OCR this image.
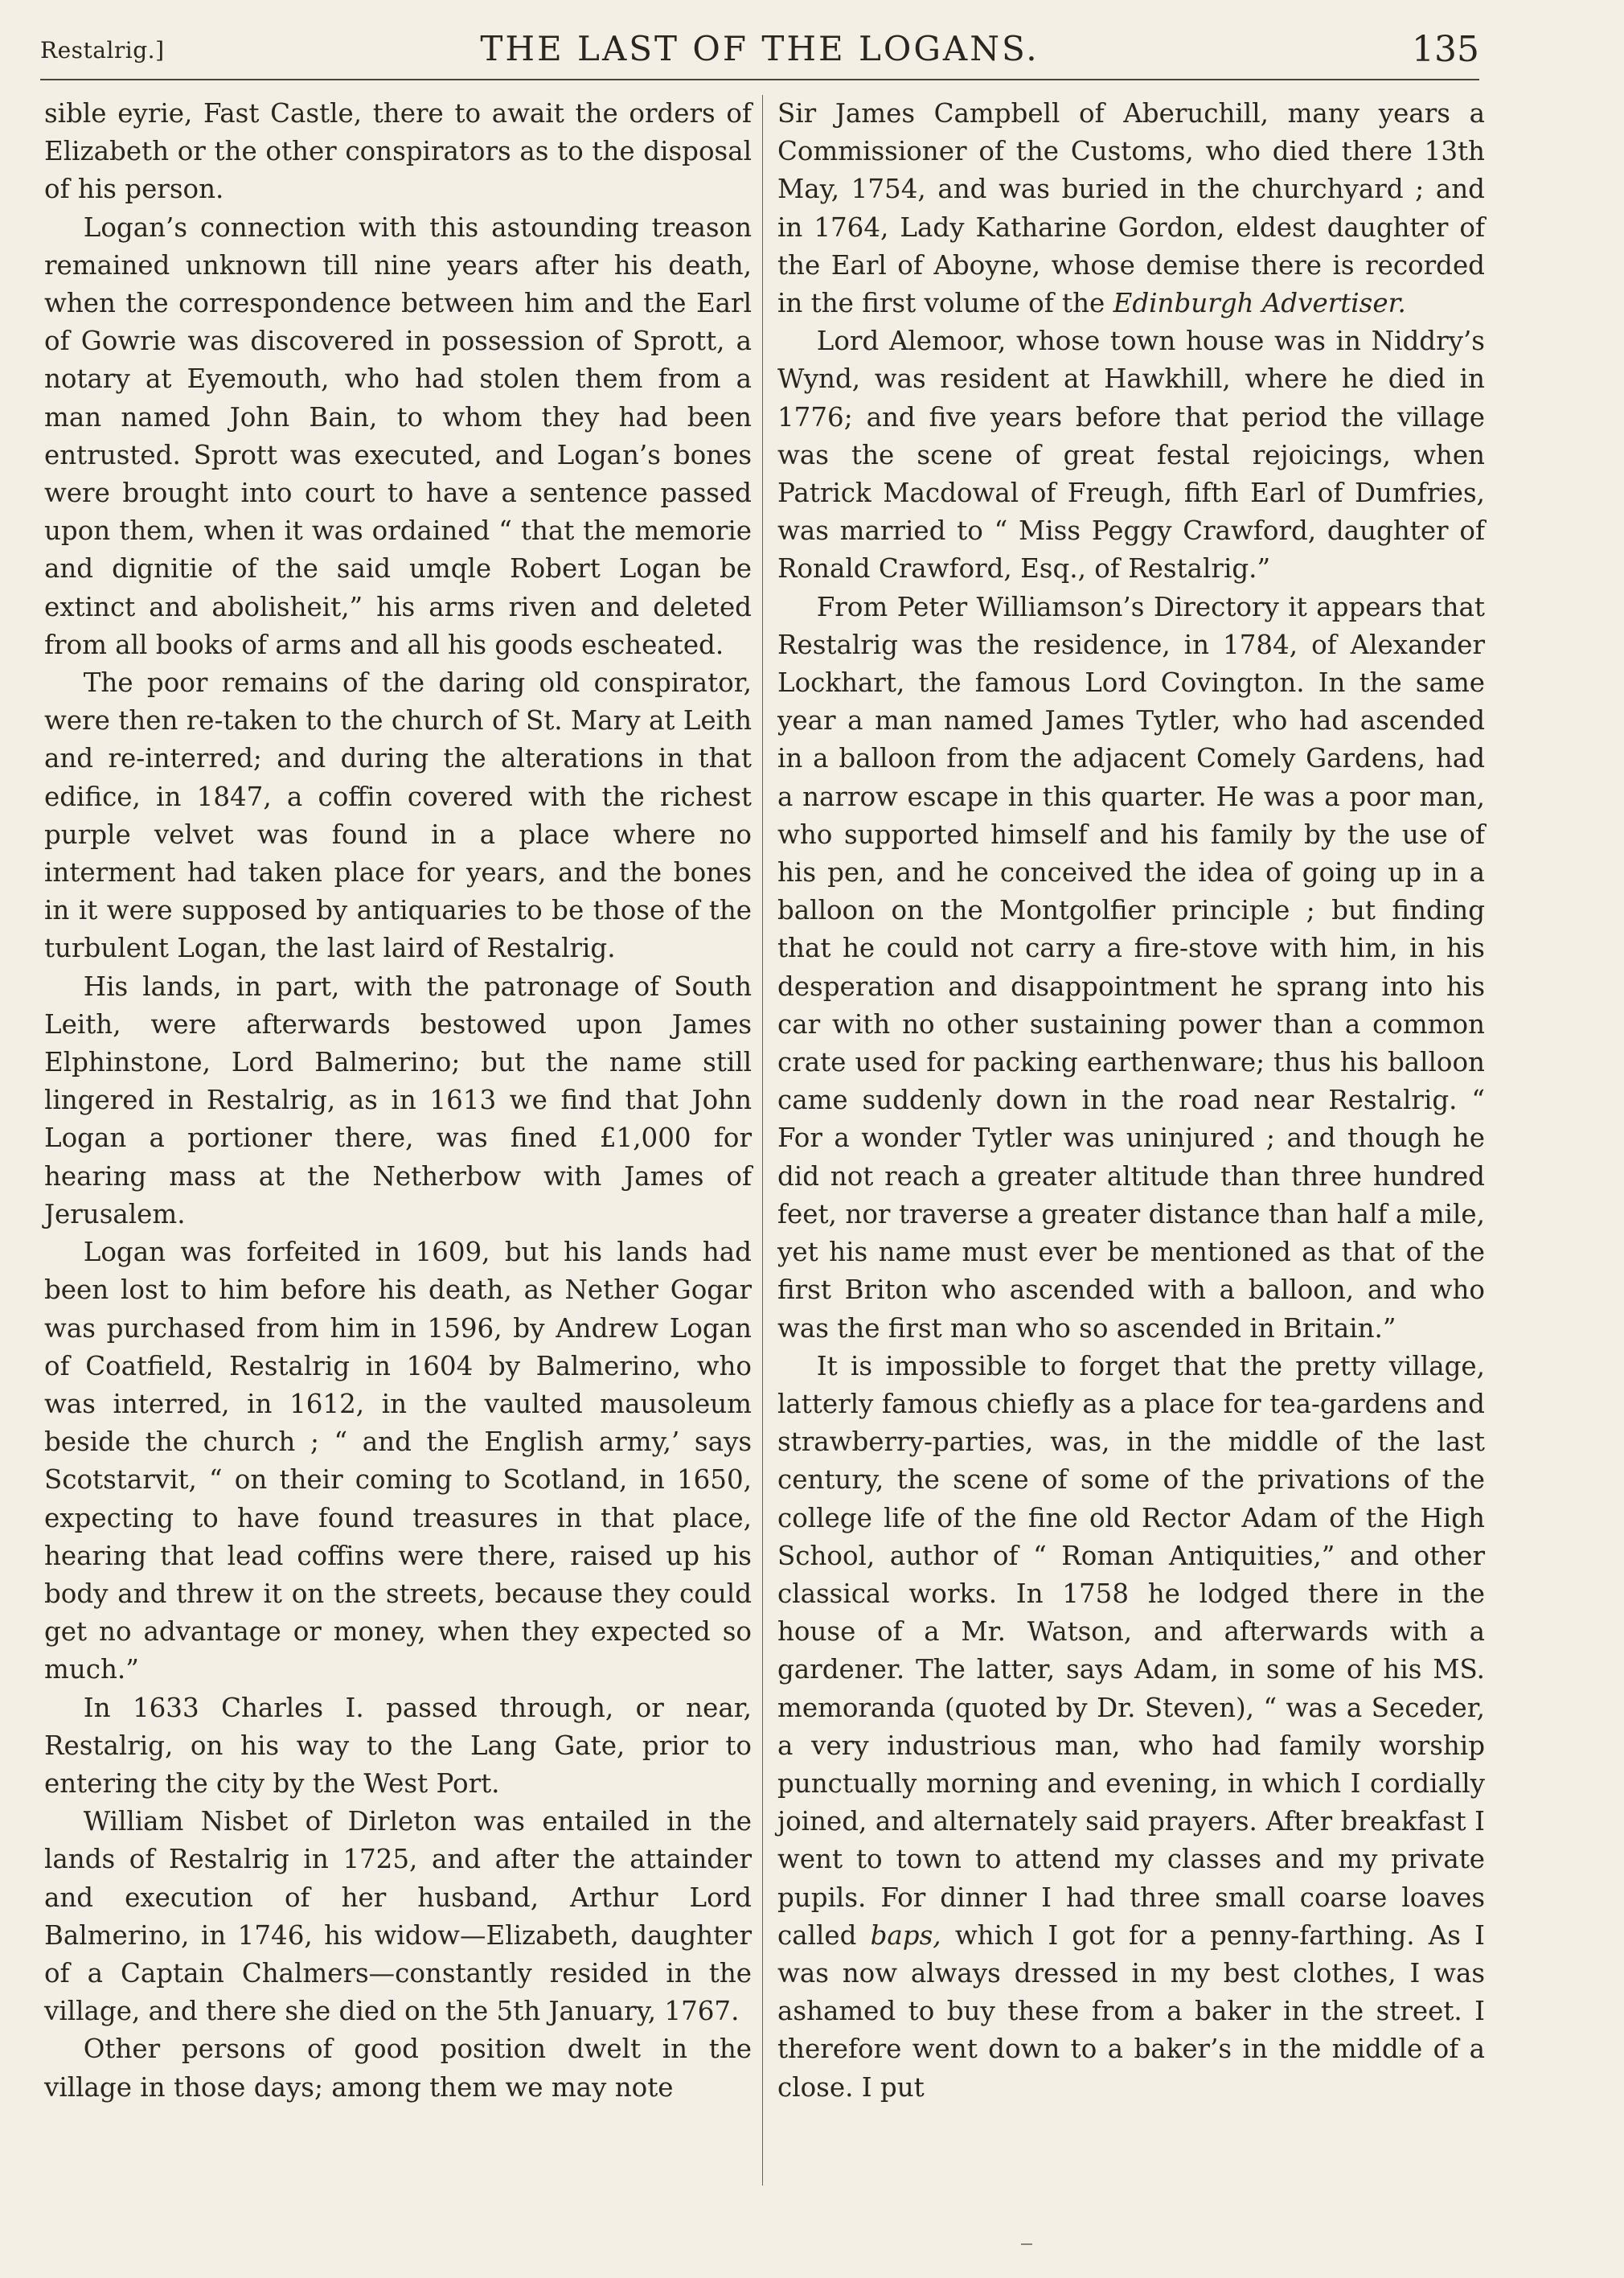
Restalrig.]	THE LAST OF THE LOGANS.	135

sible eyrie, Fast Castle, there to await the orders of Elizabeth or the other conspirators as to the disposal of his person.

Logan’s connection with this astounding treason remained unknown till nine years after his death, when the correspondence between him and the Earl of Gowrie was discovered in possession of Sprott, a notary at Eyemouth, who had stolen them from a man named John Bain, to whom they had been entrusted. Sprott was executed, and Logan’s bones were brought into court to have a sentence passed upon them, when it was ordained “ that the memorie and dignitie of the said umqle Robert Logan be extinct and abolisheit,” his arms riven and deleted from all books of arms and all his goods escheated.

The poor remains of the daring old conspirator, were then re-taken to the church of St. Mary at Leith and re-interred; and during the alterations in that edifice, in 1847, a coffin covered with the richest purple velvet was found in a place where no interment had taken place for years, and the bones in it were supposed by antiquaries to be those of the turbulent Logan, the last laird of Restalrig.

His lands, in part, with the patronage of South Leith, were afterwards bestowed upon James Elphinstone, Lord Balmerino; but the name still lingered in Restalrig, as in 1613 we find that John Logan a portioner there, was fined £1,000 for hearing mass at the Netherbow with James of Jerusalem.

Logan was forfeited in 1609, but his lands had been lost to him before his death, as Nether Gogar was purchased from him in 1596, by Andrew Logan of Coatfield, Restalrig in 1604 by Balmerino, who was interred, in 1612, in the vaulted mausoleum beside the church ; “ and the English army,’ says Scotstarvit, “ on their coming to Scotland, in 1650, expecting to have found treasures in that place, hearing that lead coffins were there, raised up his body and threw it on the streets, because they could get no advantage or money, when they expected so much.”

In 1633 Charles I. passed through, or near, Restalrig, on his way to the Lang Gate, prior to entering the city by the West Port.

William Nisbet of Dirleton was entailed in the lands of Restalrig in 1725, and after the attainder and execution of her husband, Arthur Lord Balmerino, in 1746, his widow—Elizabeth, daughter of a Captain Chalmers—constantly resided in the village, and there she died on the 5th January, 1767.

Other persons of good position dwelt in the village in those days; among them we may note

Sir James Campbell of Aberuchill, many years a Commissioner of the Customs, who died there 13th May, 1754, and was buried in the churchyard ; and in 1764, Lady Katharine Gordon, eldest daughter of the Earl of Aboyne, whose demise there is recorded in the first volume of the Edinburgh Advertiser.

Lord Alemoor, whose town house was in Niddry’s Wynd, was resident at Hawkhill, where he died in 1776; and five years before that period the village was the scene of great festal rejoicings, when Patrick Macdowal of Freugh, fifth Earl of Dumfries, was married to “ Miss Peggy Crawford, daughter of Ronald Crawford, Esq., of Restalrig.”

From Peter Williamson’s Directory it appears that Restalrig was the residence, in 1784, of Alexander Lockhart, the famous Lord Covington. In the same year a man named James Tytler, who had ascended in a balloon from the adjacent Comely Gardens, had a narrow escape in this quarter. He was a poor man, who supported himself and his family by the use of his pen, and he conceived the idea of going up in a balloon on the Montgolfier principle ; but finding that he could not carry a fire-stove with him, in his desperation and disappointment he sprang into his car with no other sustaining power than a common crate used for packing earthenware; thus his balloon came suddenly down in the road near Restalrig. “ For a wonder Tytler was uninjured ; and though he did not reach a greater altitude than three hundred feet, nor traverse a greater distance than half a mile, yet his name must ever be mentioned as that of the first Briton who ascended with a balloon, and who was the first man who so ascended in Britain.”

It is impossible to forget that the pretty village, latterly famous chiefly as a place for tea-gardens and strawberry-parties, was, in the middle of the last century, the scene of some of the privations of the college life of the fine old Rector Adam of the High School, author of “ Roman Antiquities,” and other classical works. In 1758 he lodged there in the house of a Mr. Watson, and afterwards with a gardener. The latter, says Adam, in some of his MS. memoranda (quoted by Dr. Steven), “ was a Seceder, a very industrious man, who had family worship punctually morning and evening, in which I cordially joined, and alternately said prayers. After breakfast I went to town to attend my classes and my private pupils. For dinner I had three small coarse loaves called baps, which I got for a penny-farthing. As I was now always dressed in my best clothes, I was ashamed to buy these from a baker in the street. I therefore went down to a baker’s in the middle of a close. I put
